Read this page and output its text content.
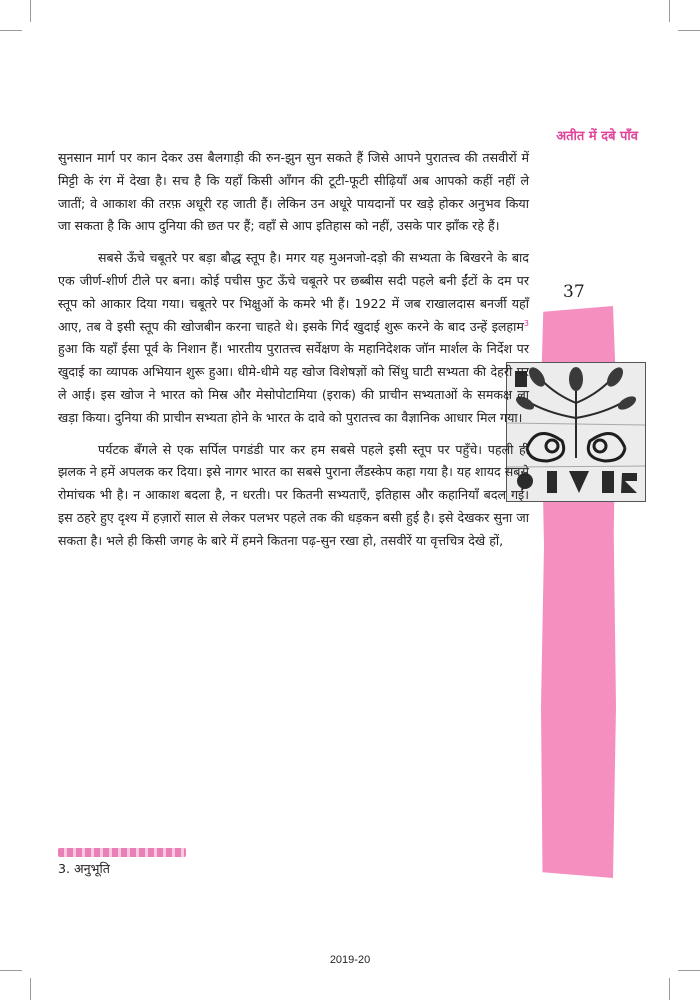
अतीत में दबे पाँव
37

सुनसान मार्ग पर कान देकर उस बैलगाड़ी की रुन-झुन सुन सकते हैं जिसे आपने पुरातत्त्व की तसवीरों में मिट्टी के रंग में देखा है। सच है कि यहाँ किसी आँगन की टूटी-फूटी सीढ़ियाँ अब आपको कहीं नहीं ले जातीं; वे आकाश की तरफ़ अधूरी रह जाती हैं। लेकिन उन अधूरे पायदानों पर खड़े होकर अनुभव किया जा सकता है कि आप दुनिया की छत पर हैं; वहाँ से आप इतिहास को नहीं, उसके पार झाँक रहे हैं।

सबसे ऊँचे चबूतरे पर बड़ा बौद्ध स्तूप है। मगर यह मुअनजो-दड़ो की सभ्यता के बिखरने के बाद एक जीर्ण-शीर्ण टीले पर बना। कोई पचीस फुट ऊँचे चबूतरे पर छब्बीस सदी पहले बनी ईंटों के दम पर स्तूप को आकार दिया गया। चबूतरे पर भिक्षुओं के कमरे भी हैं। 1922 में जब राखालदास बनर्जी यहाँ आए, तब वे इसी स्तूप की खोजबीन करना चाहते थे। इसके गिर्द खुदाई शुरू करने के बाद उन्हें इलहाम$^3$ हुआ कि यहाँ ईसा पूर्व के निशान हैं। भारतीय पुरातत्त्व सर्वेक्षण के महानिदेशक जॉन मार्शल के निर्देश पर खुदाई का व्यापक अभियान शुरू हुआ। धीमे-धीमे यह खोज विशेषज्ञों को सिंधु घाटी सभ्यता की देहरी पर ले आई। इस खोज ने भारत को मिस्र और मेसोपोटामिया (इराक) की प्राचीन सभ्यताओं के समकक्ष ला खड़ा किया। दुनिया की प्राचीन सभ्यता होने के भारत के दावे को पुरातत्त्व का वैज्ञानिक आधार मिल गया।

पर्यटक बँगले से एक सर्पिल पगडंडी पार कर हम सबसे पहले इसी स्तूप पर पहुँचे। पहली ही झलक ने हमें अपलक कर दिया। इसे नागर भारत का सबसे पुराना लैंडस्केप कहा गया है। यह शायद सबसे रोमांचक भी है। न आकाश बदला है, न धरती। पर कितनी सभ्यताएँ, इतिहास और कहानियाँ बदल गईं। इस ठहरे हुए दृश्य में हज़ारों साल से लेकर पलभर पहले तक की धड़कन बसी हुई है। इसे देखकर सुना जा सकता है। भले ही किसी जगह के बारे में हमने कितना पढ़-सुन रखा हो, तसवीरें या वृत्तचित्र देखे हों,

3. अनुभूति
2019-20
